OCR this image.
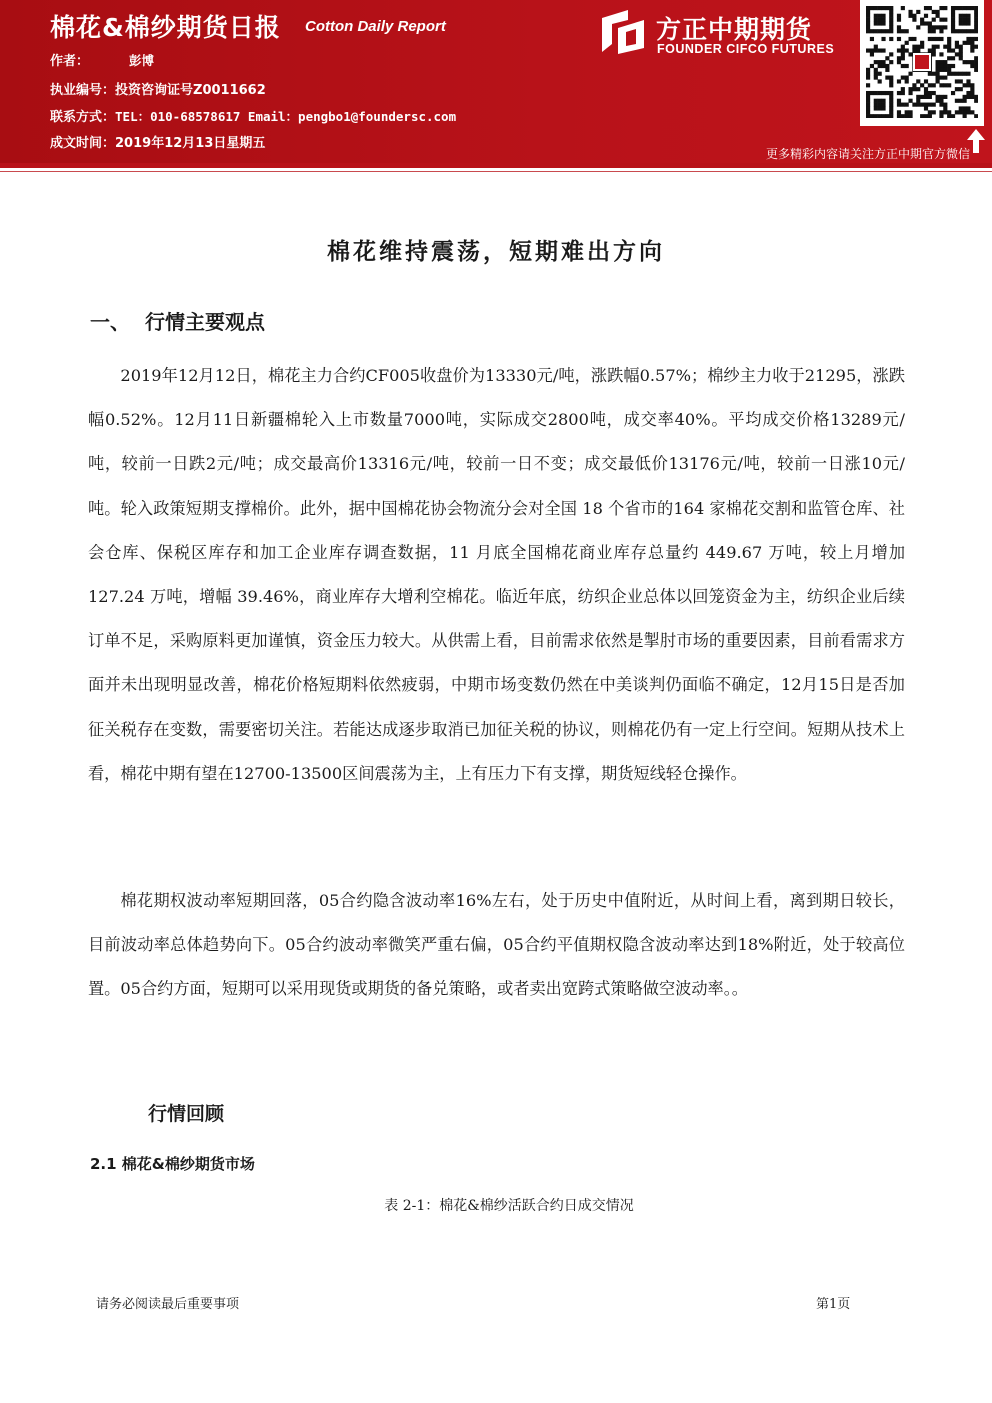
棉花&棉纱期货日报 Cotton Daily Report
作者：	彭博
执业编号：投资咨询证号Z0011662
联系方式：TEL：010-68578617 Email：pengbo1@foundersc.com
成文时间：2019年12月13日星期五
方正中期期货
FOUNDER CIFCO FUTURES
更多精彩内容请关注方正中期官方微信
棉花维持震荡，短期难出方向
一、 行情主要观点

2019年12月12日，棉花主力合约CF005收盘价为13330元/吨，涨跌幅0.57%；棉纱主力收于21295，涨跌幅0.52%。12月11日新疆棉轮入上市数量7000吨，实际成交2800吨，成交率40%。平均成交价格13289元/吨，较前一日跌2元/吨；成交最高价13316元/吨，较前一日不变；成交最低价13176元/吨，较前一日涨10元/吨。轮入政策短期支撑棉价。此外，据中国棉花协会物流分会对全国 18 个省市的164 家棉花交割和监管仓库、社会仓库、保税区库存和加工企业库存调查数据，11 月底全国棉花商业库存总量约 449.67 万吨，较上月增加 127.24 万吨，增幅 39.46%，商业库存大增利空棉花。临近年底，纺织企业总体以回笼资金为主，纺织企业后续订单不足，采购原料更加谨慎，资金压力较大。从供需上看，目前需求依然是掣肘市场的重要因素，目前看需求方面并未出现明显改善，棉花价格短期料依然疲弱，中期市场变数仍然在中美谈判仍面临不确定，12月15日是否加征关税存在变数，需要密切关注。若能达成逐步取消已加征关税的协议，则棉花仍有一定上行空间。短期从技术上看，棉花中期有望在12700-13500区间震荡为主，上有压力下有支撑，期货短线轻仓操作。

棉花期权波动率短期回落，05合约隐含波动率16%左右，处于历史中值附近，从时间上看，离到期日较长，目前波动率总体趋势向下。05合约波动率微笑严重右偏，05合约平值期权隐含波动率达到18%附近，处于较高位置。05合约方面，短期可以采用现货或期货的备兑策略，或者卖出宽跨式策略做空波动率。。

行情回顾
2.1 棉花&棉纱期货市场
表 2-1：棉花&棉纱活跃合约日成交情况
请务必阅读最后重要事项	第1页
